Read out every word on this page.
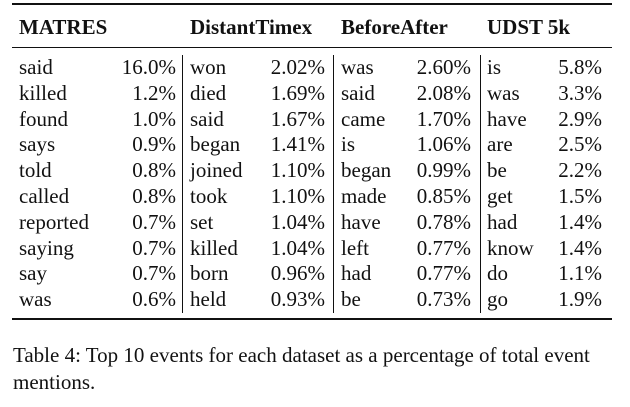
MATRES	DistantTimex BeforeAfter UDST 5k
said	16.0% won 2.02% was 2.60% is	5.8%
killed	1.2% died 1.69% said 2.08% was 3.3%
found	1.0% said 1.67% came 1.70% have 2.9%
says	0.9% began 1.41% is	1.06% are 2.5%
told	0.8% joined 1.10% began 0.99% be 2.2%
called	0.8% took 1.10% made 0.85% get 1.5%
reported 0.7% set	1.04% have 0.78% had 1.4%
saying	0.7% killed 1.04% left 0.77% know 1.4%
say	0.7% born 0.96% had 0.77% do 1.1%
was	0.6% held 0.93% be	0.73% go 1.9%
Table 4: Top 10 events for each dataset as a percentage of total event mentions.
